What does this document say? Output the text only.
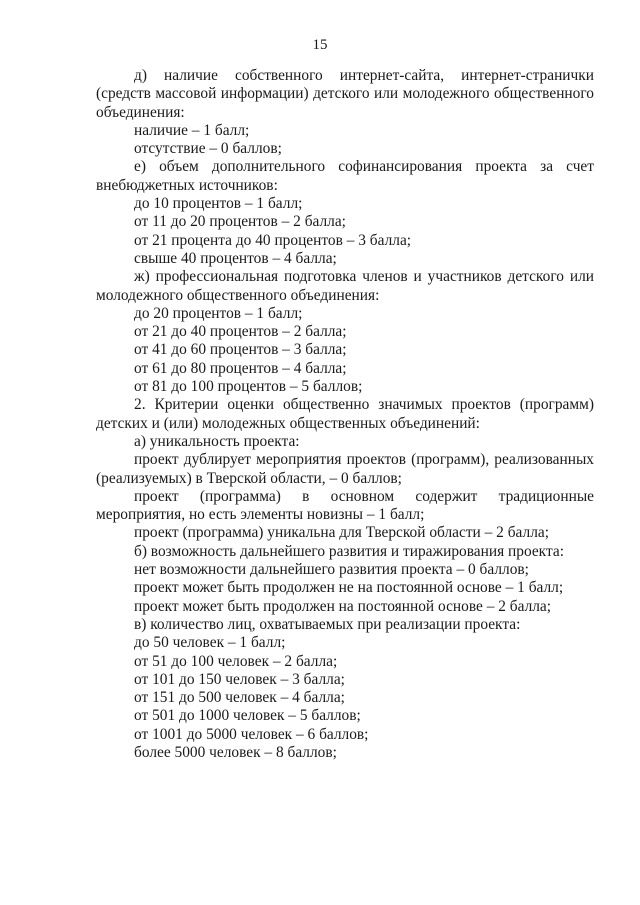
15

д) наличие собственного интернет-сайта, интернет-странички (средств массовой информации) детского или молодежного общественного объединения:

наличие – 1 балл;

отсутствие – 0 баллов;

е) объем дополнительного софинансирования проекта за счет внебюджетных источников:

до 10 процентов – 1 балл;

от 11 до 20 процентов – 2 балла;

от 21 процента до 40 процентов – 3 балла;

свыше 40 процентов – 4 балла;

ж) профессиональная подготовка членов и участников детского или молодежного общественного объединения:

до 20 процентов – 1 балл;

от 21 до 40 процентов – 2 балла;

от 41 до 60 процентов – 3 балла;

от 61 до 80 процентов – 4 балла;

от 81 до 100 процентов – 5 баллов;

2. Критерии оценки общественно значимых проектов (программ) детских и (или) молодежных общественных объединений:

а) уникальность проекта:

проект дублирует мероприятия проектов (программ), реализованных (реализуемых) в Тверской области, – 0 баллов;

проект (программа) в основном содержит традиционные мероприятия, но есть элементы новизны – 1 балл;

проект (программа) уникальна для Тверской области – 2 балла;

б) возможность дальнейшего развития и тиражирования проекта:

нет возможности дальнейшего развития проекта – 0 баллов;

проект может быть продолжен не на постоянной основе – 1 балл;

проект может быть продолжен на постоянной основе – 2 балла;

в) количество лиц, охватываемых при реализации проекта:

до 50 человек – 1 балл;

от 51 до 100 человек – 2 балла;

от 101 до 150 человек – 3 балла;

от 151 до 500 человек – 4 балла;

от 501 до 1000 человек – 5 баллов;

от 1001 до 5000 человек – 6 баллов;

более 5000 человек – 8 баллов;
